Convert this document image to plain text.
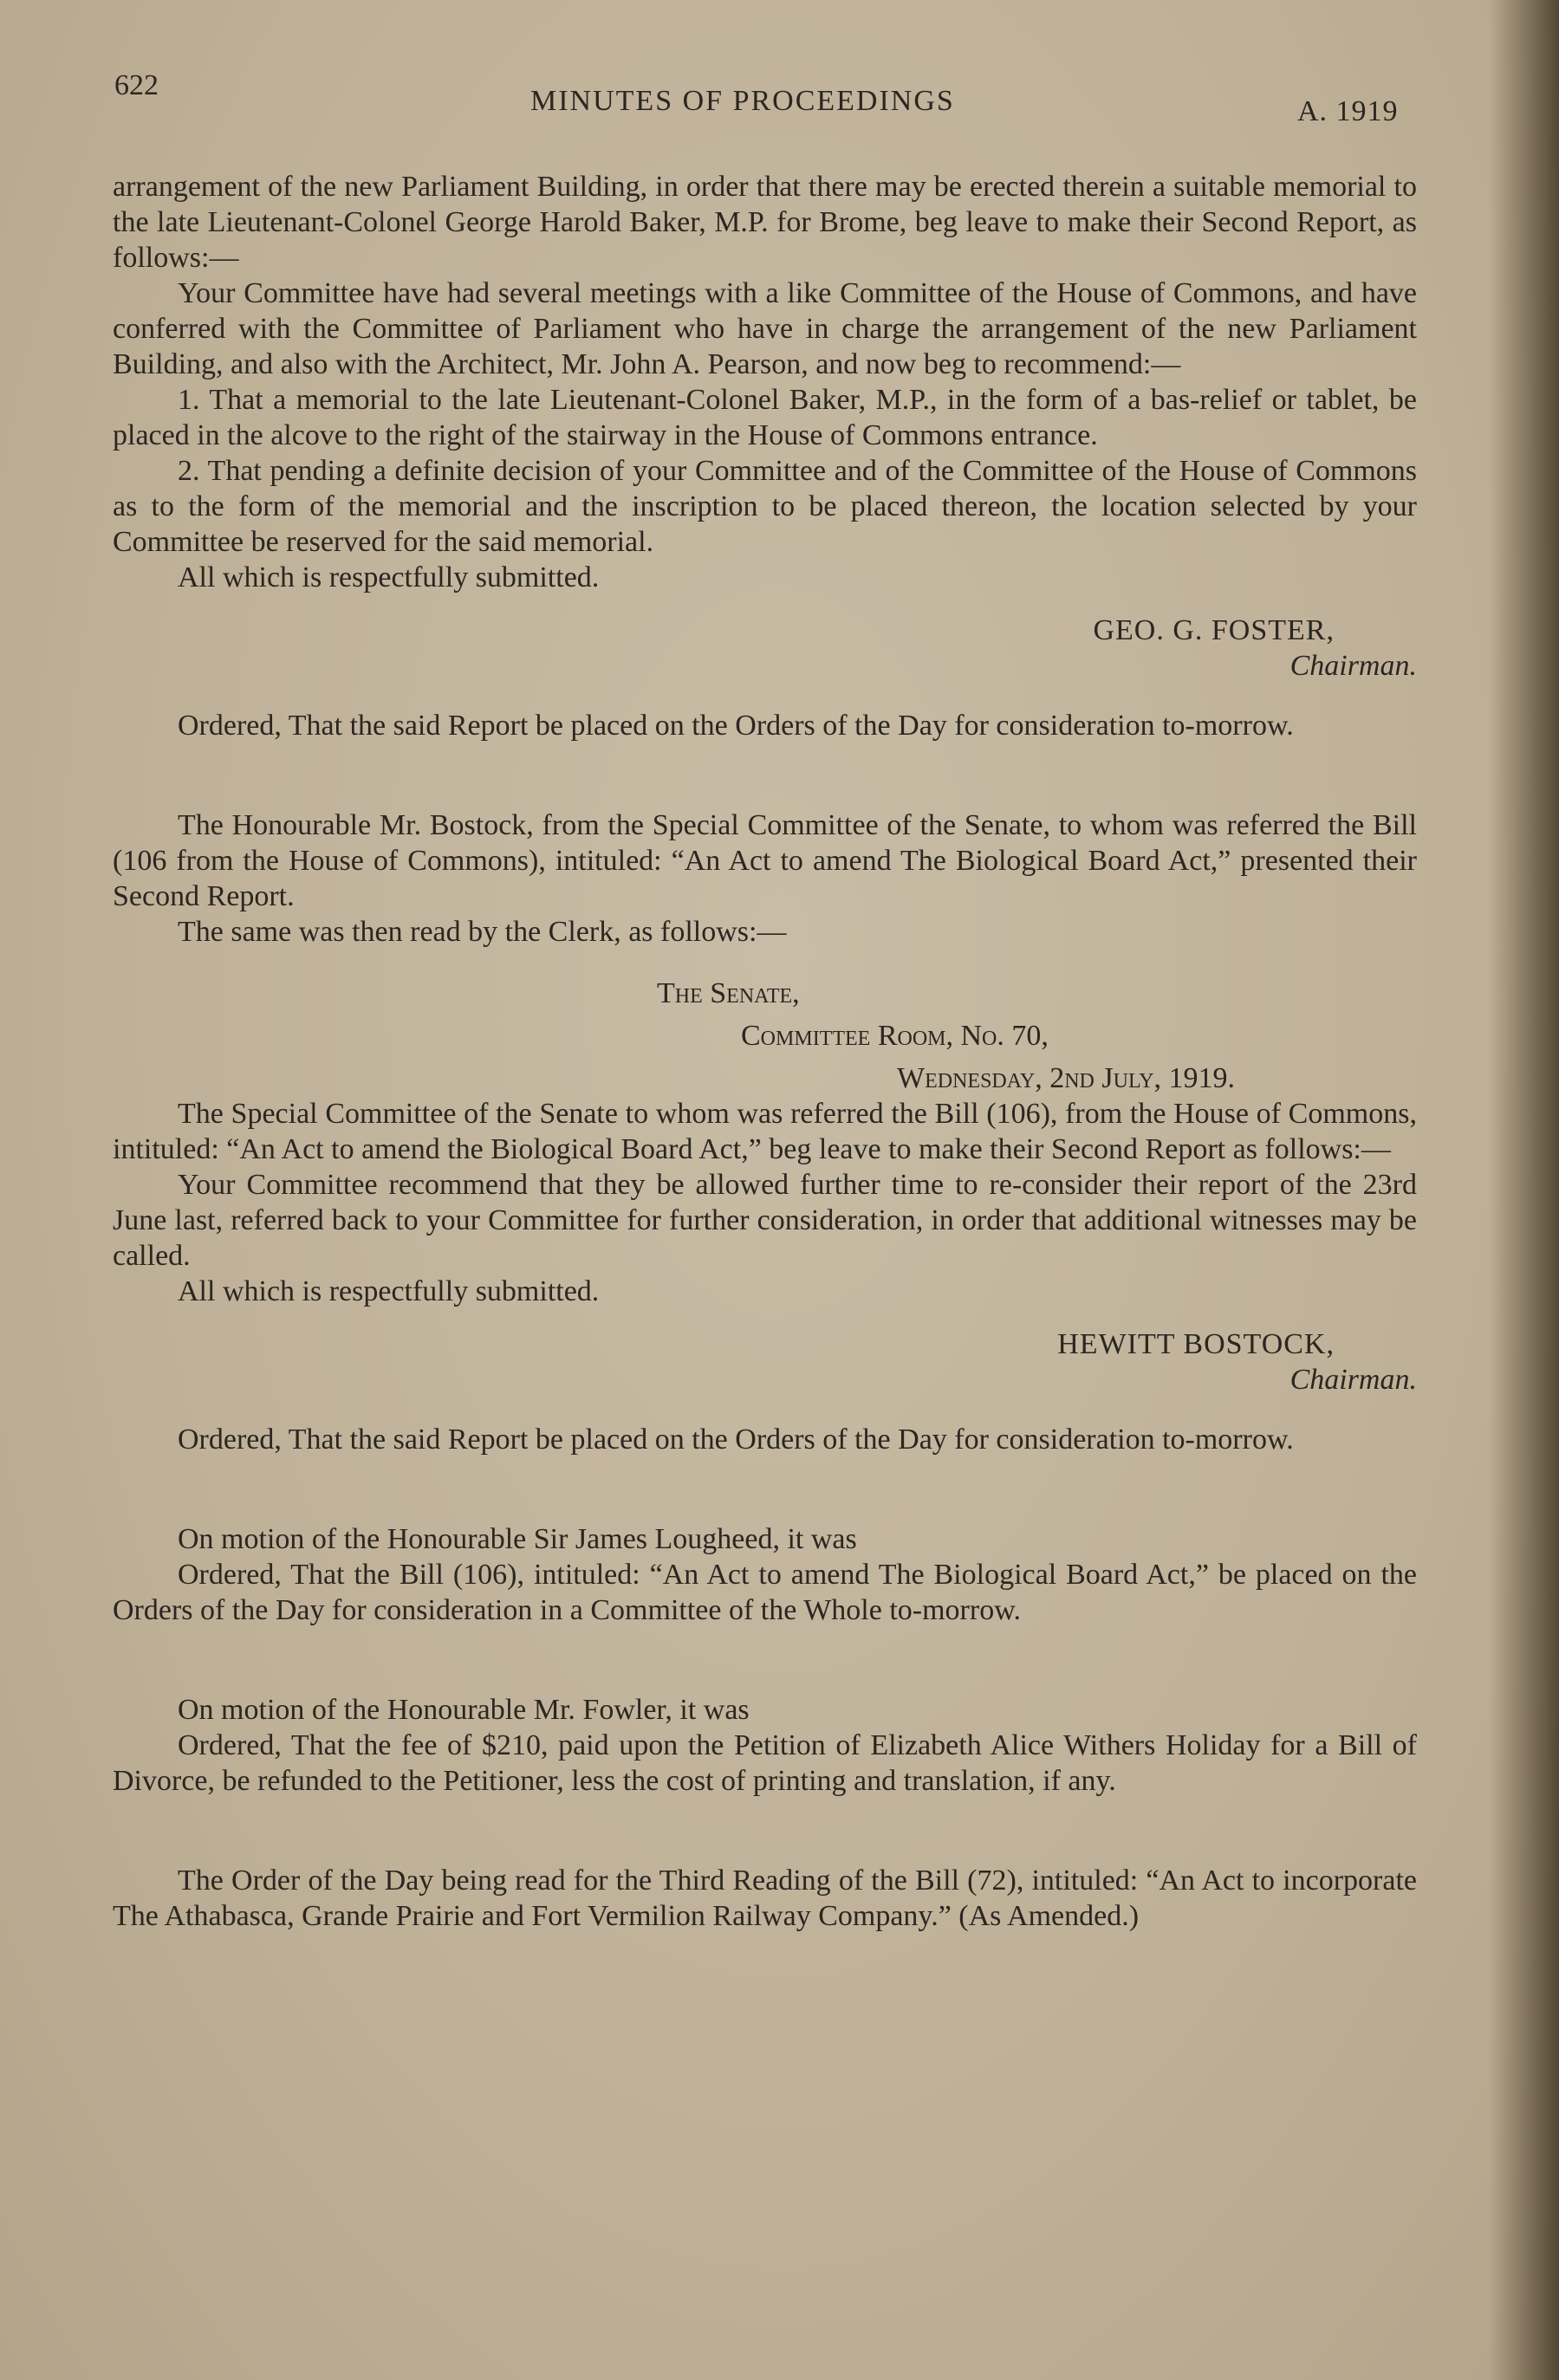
622	MINUTES OF PROCEEDINGS	A. 1919

arrangement of the new Parliament Building, in order that there may be erected therein a suitable memorial to the late Lieutenant-Colonel George Harold Baker, M.P. for Brome, beg leave to make their Second Report, as follows:—

Your Committee have had several meetings with a like Committee of the House of Commons, and have conferred with the Committee of Parliament who have in charge the arrangement of the new Parliament Building, and also with the Architect, Mr. John A. Pearson, and now beg to recommend:—

1. That a memorial to the late Lieutenant-Colonel Baker, M.P., in the form of a bas-relief or tablet, be placed in the alcove to the right of the stairway in the House of Commons entrance.

2. That pending a definite decision of your Committee and of the Committee of the House of Commons as to the form of the memorial and the inscription to be placed thereon, the location selected by your Committee be reserved for the said memorial.

All which is respectfully submitted.

GEO. G. FOSTER,

Chairman.

Ordered, That the said Report be placed on the Orders of the Day for consideration to-morrow.

The Honourable Mr. Bostock, from the Special Committee of the Senate, to whom was referred the Bill (106 from the House of Commons), intituled: “An Act to amend The Biological Board Act,” presented their Second Report.

The same was then read by the Clerk, as follows:—

The Senate,

Committee Room, No. 70,

Wednesday, 2nd July, 1919.

The Special Committee of the Senate to whom was referred the Bill (106), from the House of Commons, intituled: “An Act to amend the Biological Board Act,” beg leave to make their Second Report as follows:—

Your Committee recommend that they be allowed further time to re-consider their report of the 23rd June last, referred back to your Committee for further consideration, in order that additional witnesses may be called.

All which is respectfully submitted.

HEWITT BOSTOCK,

Chairman.

Ordered, That the said Report be placed on the Orders of the Day for consideration to-morrow.

On motion of the Honourable Sir James Lougheed, it was

Ordered, That the Bill (106), intituled: “An Act to amend The Biological Board Act,” be placed on the Orders of the Day for consideration in a Committee of the Whole to-morrow.

On motion of the Honourable Mr. Fowler, it was

Ordered, That the fee of $210, paid upon the Petition of Elizabeth Alice Withers Holiday for a Bill of Divorce, be refunded to the Petitioner, less the cost of printing and translation, if any.

The Order of the Day being read for the Third Reading of the Bill (72), intituled: “An Act to incorporate The Athabasca, Grande Prairie and Fort Vermilion Railway Company.” (As Amended.)
